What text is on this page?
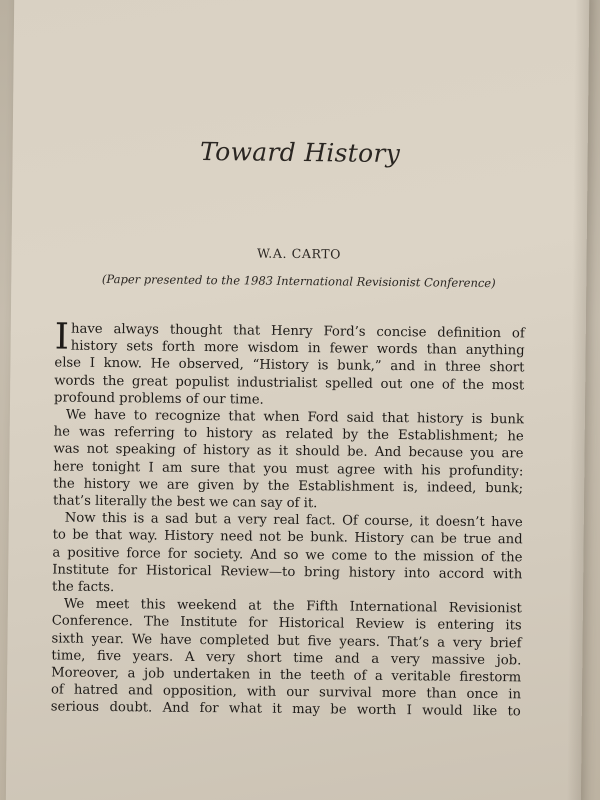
Toward History
W.A. CARTO
(Paper presented to the 1983 International Revisionist Conference)
I have always thought that Henry Ford’s concise definition of
history sets forth more wisdom in fewer words than anything
else I know. He observed, “History is bunk,” and in three short
words the great populist industrialist spelled out one of the most
profound problems of our time.
We have to recognize that when Ford said that history is bunk
he was referring to history as related by the Establishment; he
was not speaking of history as it should be. And because you are
here tonight I am sure that you must agree with his profundity:
the history we are given by the Establishment is, indeed, bunk;
that’s literally the best we can say of it.
Now this is a sad but a very real fact. Of course, it doesn’t have
to be that way. History need not be bunk. History can be true and
a positive force for society. And so we come to the mission of the
Institute for Historical Review—to bring history into accord with
the facts.
We meet this weekend at the Fifth International Revisionist
Conference. The Institute for Historical Review is entering its
sixth year. We have completed but five years. That’s a very brief
time, five years. A very short time and a very massive job.
Moreover, a job undertaken in the teeth of a veritable firestorm
of hatred and opposition, with our survival more than once in
serious doubt. And for what it may be worth I would like to
